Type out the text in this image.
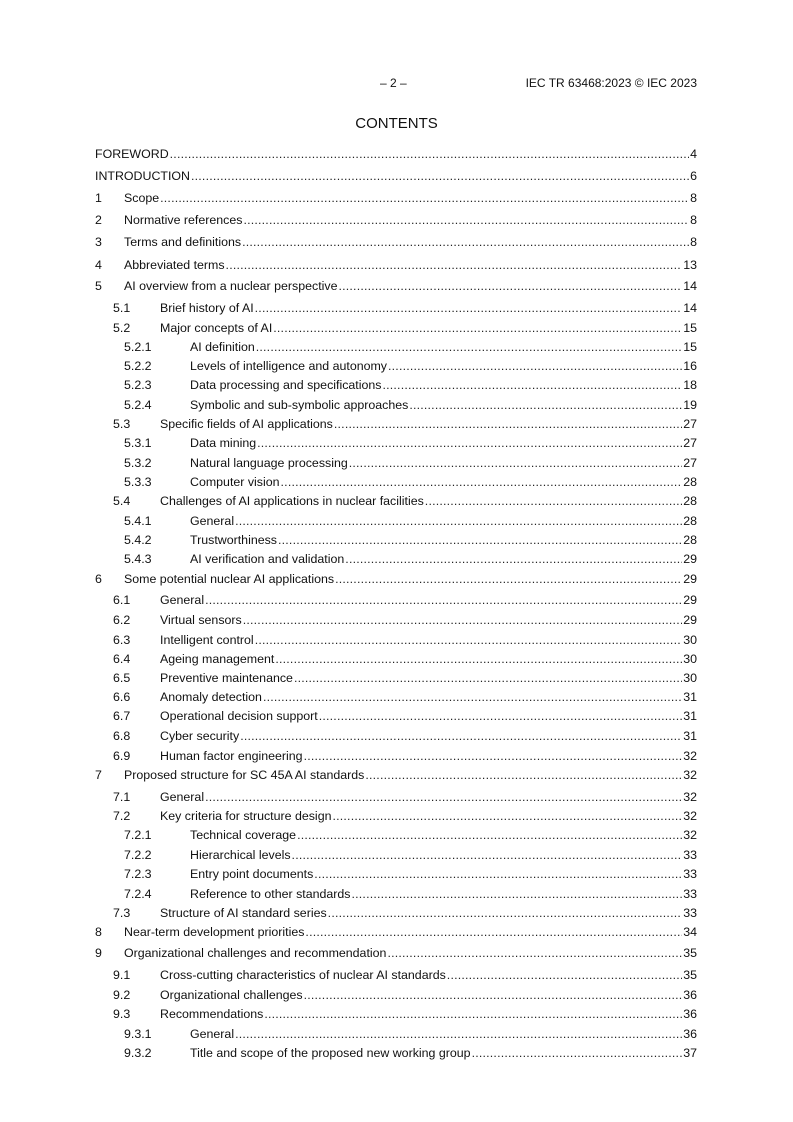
– 2 –	IEC TR 63468:2023 © IEC 2023
CONTENTS
FOREWORD .....	4
INTRODUCTION .....	6
1 Scope .....	8
2 Normative references .....	8
3 Terms and definitions .....	8
4 Abbreviated terms .....	13
5 AI overview from a nuclear perspective .....	14
5.1 Brief history of AI .....	14
5.2 Major concepts of AI .....	15
5.2.1	AI definition .....	15
5.2.2	Levels of intelligence and autonomy .....	16
5.2.3	Data processing and specifications .....	18
5.2.4	Symbolic and sub-symbolic approaches .....	19
5.3 Specific fields of AI applications .....	27
5.3.1	Data mining .....	27
5.3.2	Natural language processing .....	27
5.3.3	Computer vision .....	28
5.4 Challenges of AI applications in nuclear facilities .....	28
5.4.1	General .....	28
5.4.2	Trustworthiness .....	28
5.4.3	AI verification and validation .....	29
6 Some potential nuclear AI applications .....	29
6.1 General .....	29
6.2 Virtual sensors .....	29
6.3 Intelligent control .....	30
6.4 Ageing management .....	30
6.5 Preventive maintenance .....	30
6.6 Anomaly detection .....	31
6.7 Operational decision support .....	31
6.8 Cyber security .....	31
6.9 Human factor engineering .....	32
7 Proposed structure for SC 45A AI standards .....	32
7.1 General .....	32
7.2 Key criteria for structure design .....	32
7.2.1	Technical coverage .....	32
7.2.2	Hierarchical levels .....	33
7.2.3	Entry point documents .....	33
7.2.4	Reference to other standards .....	33
7.3 Structure of AI standard series .....	33
8 Near-term development priorities .....	34
9 Organizational challenges and recommendation .....	35
9.1 Cross-cutting characteristics of nuclear AI standards .....	35
9.2 Organizational challenges .....	36
9.3 Recommendations .....	36
9.3.1	General .....	36
9.3.2	Title and scope of the proposed new working group .....	37
